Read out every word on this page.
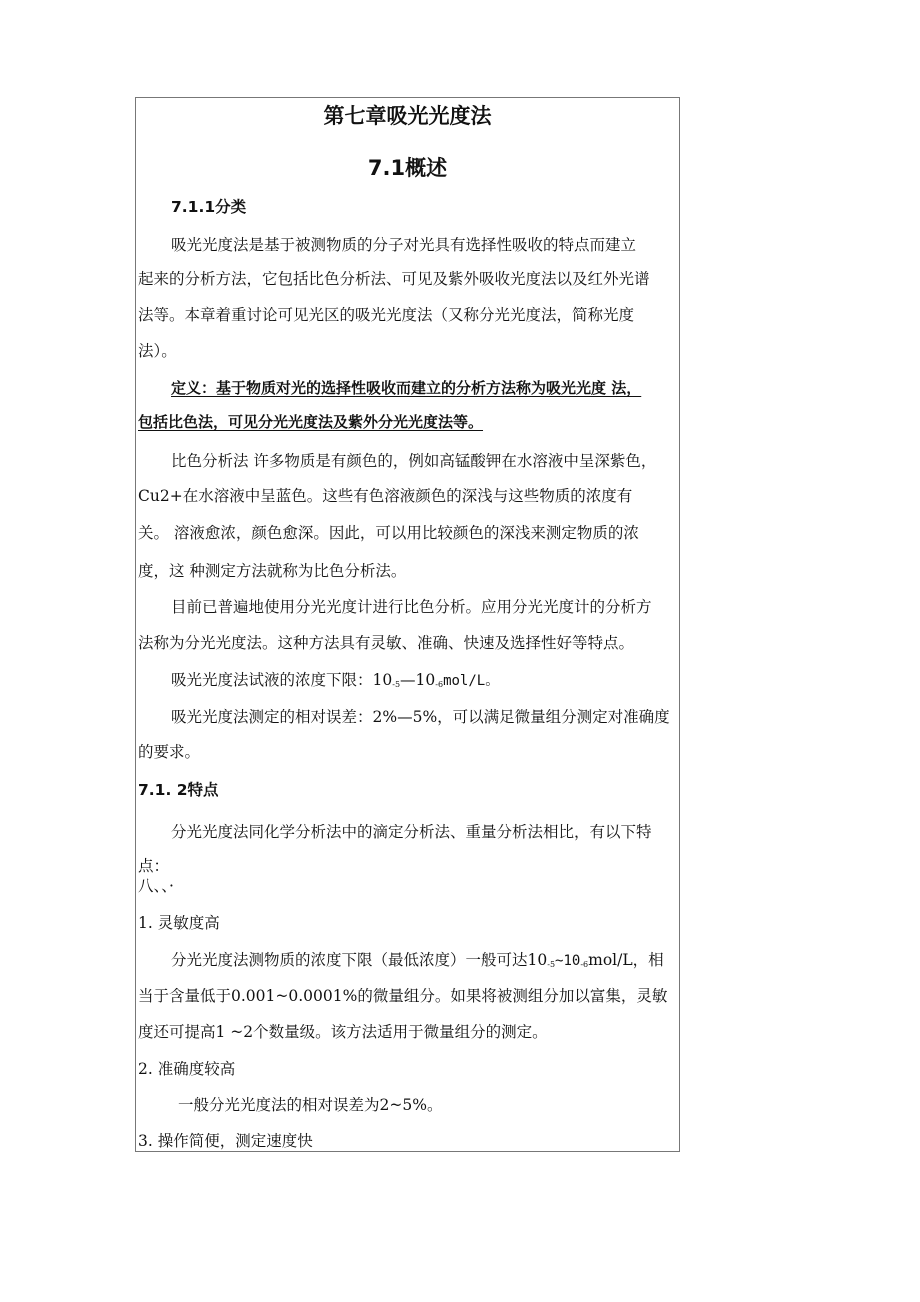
第七章吸光光度法
7.1概述
7.1.1分类
吸光光度法是基于被测物质的分子对光具有选择性吸收的特点而建立
起来的分析方法，它包括比色分析法、可见及紫外吸收光度法以及红外光谱
法等。本章着重讨论可见光区的吸光光度法（又称分光光度法，简称光度
法）。
定义：基于物质对光的选择性吸收而建立的分析方法称为吸光光度 法，
包括比色法，可见分光光度法及紫外分光光度法等。
比色分析法 许多物质是有颜色的，例如高锰酸钾在水溶液中呈深紫色，
Cu2+在水溶液中呈蓝色。这些有色溶液颜色的深浅与这些物质的浓度有
关。 溶液愈浓，颜色愈深。因此，可以用比较颜色的深浅来测定物质的浓
度，这 种测定方法就称为比色分析法。
目前已普遍地使用分光光度计进行比色分析。应用分光光度计的分析方
法称为分光光度法。这种方法具有灵敏、准确、快速及选择性好等特点。
吸光光度法试液的浓度下限：10-5—10-6mol/L。
吸光光度法测定的相对误差：2%—5%，可以满足微量组分测定对准确度
的要求。
7.1. 2特点
分光光度法同化学分析法中的滴定分析法、重量分析法相比，有以下特
点：
八、、·
1. 灵敏度高
分光光度法测物质的浓度下限（最低浓度）一般可达10-5~10-6mol/L，相
当于含量低于0.001~0.0001%的微量组分。如果将被测组分加以富集，灵敏
度还可提高1 ~2个数量级。该方法适用于微量组分的测定。
2. 准确度较高
一般分光光度法的相对误差为2~5%。
3. 操作简便，测定速度快
